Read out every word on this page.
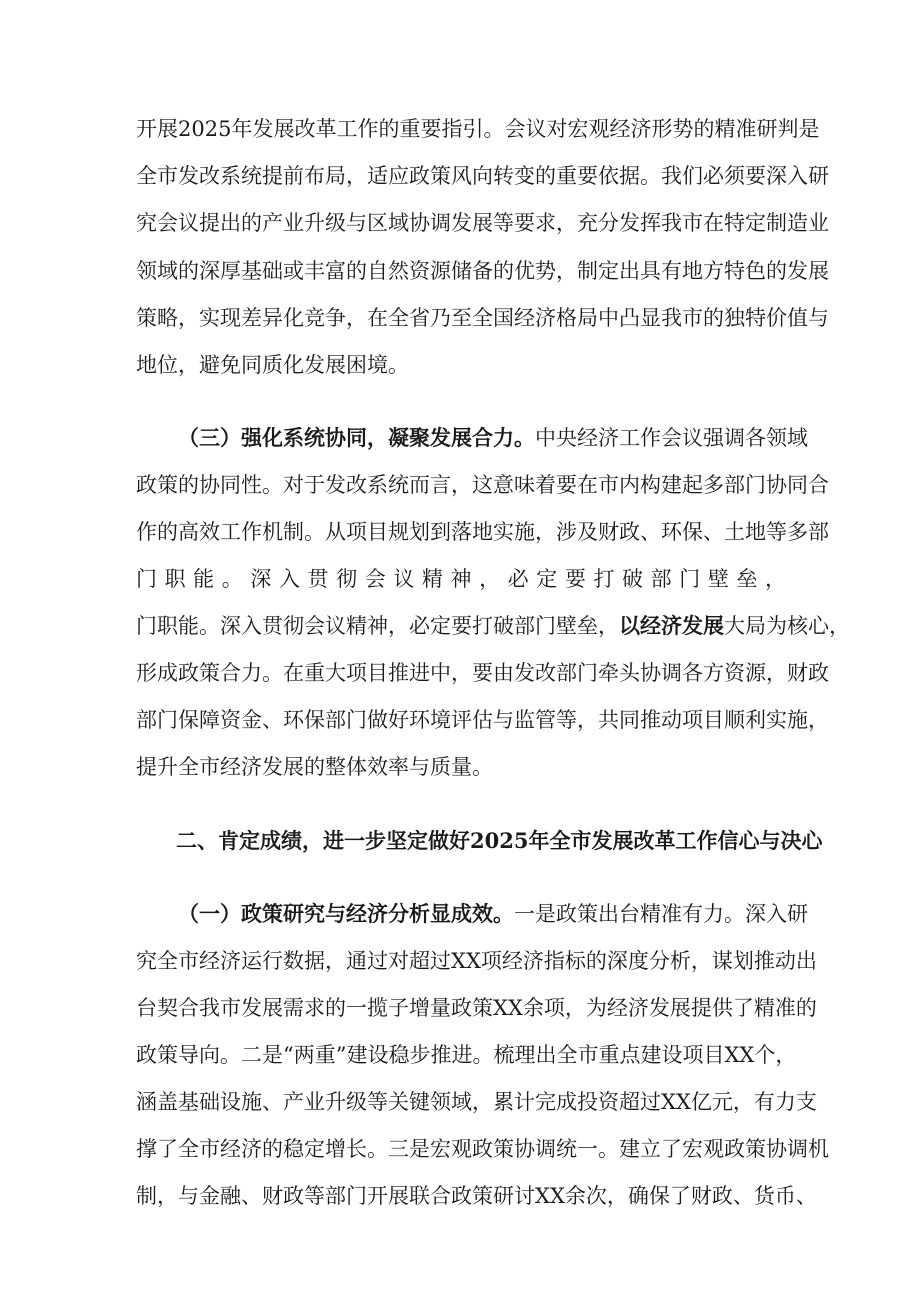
开展2025年发展改革工作的重要指引。会议对宏观经济形势的精准研判是
全市发改系统提前布局，适应政策风向转变的重要依据。我们必须要深入研
究会议提出的产业升级与区域协调发展等要求，充分发挥我市在特定制造业
领域的深厚基础或丰富的自然资源储备的优势，制定出具有地方特色的发展
策略，实现差异化竞争，在全省乃至全国经济格局中凸显我市的独特价值与
地位，避免同质化发展困境。
（三）强化系统协同，凝聚发展合力。中央经济工作会议强调各领域
政策的协同性。对于发改系统而言，这意味着要在市内构建起多部门协同合
作的高效工作机制。从项目规划到落地实施，涉及财政、环保、土地等多部
门职能。深入贯彻会议精神，必定要打破部门壁垒，
门职能。深入贯彻会议精神，必定要打破部门壁垒，以经济发展大局为核心，
形成政策合力。在重大项目推进中，要由发改部门牵头协调各方资源，财政
部门保障资金、环保部门做好环境评估与监管等，共同推动项目顺利实施，
提升全市经济发展的整体效率与质量。
二、肯定成绩，进一步坚定做好2025年全市发展改革工作信心与决心
（一）政策研究与经济分析显成效。一是政策出台精准有力。深入研
究全市经济运行数据，通过对超过XX项经济指标的深度分析，谋划推动出
台契合我市发展需求的一揽子增量政策XX余项，为经济发展提供了精准的
政策导向。二是“两重”建设稳步推进。梳理出全市重点建设项目XX个，
涵盖基础设施、产业升级等关键领域，累计完成投资超过XX亿元，有力支
撑了全市经济的稳定增长。三是宏观政策协调统一。建立了宏观政策协调机
制，与金融、财政等部门开展联合政策研讨XX余次，确保了财政、货币、
